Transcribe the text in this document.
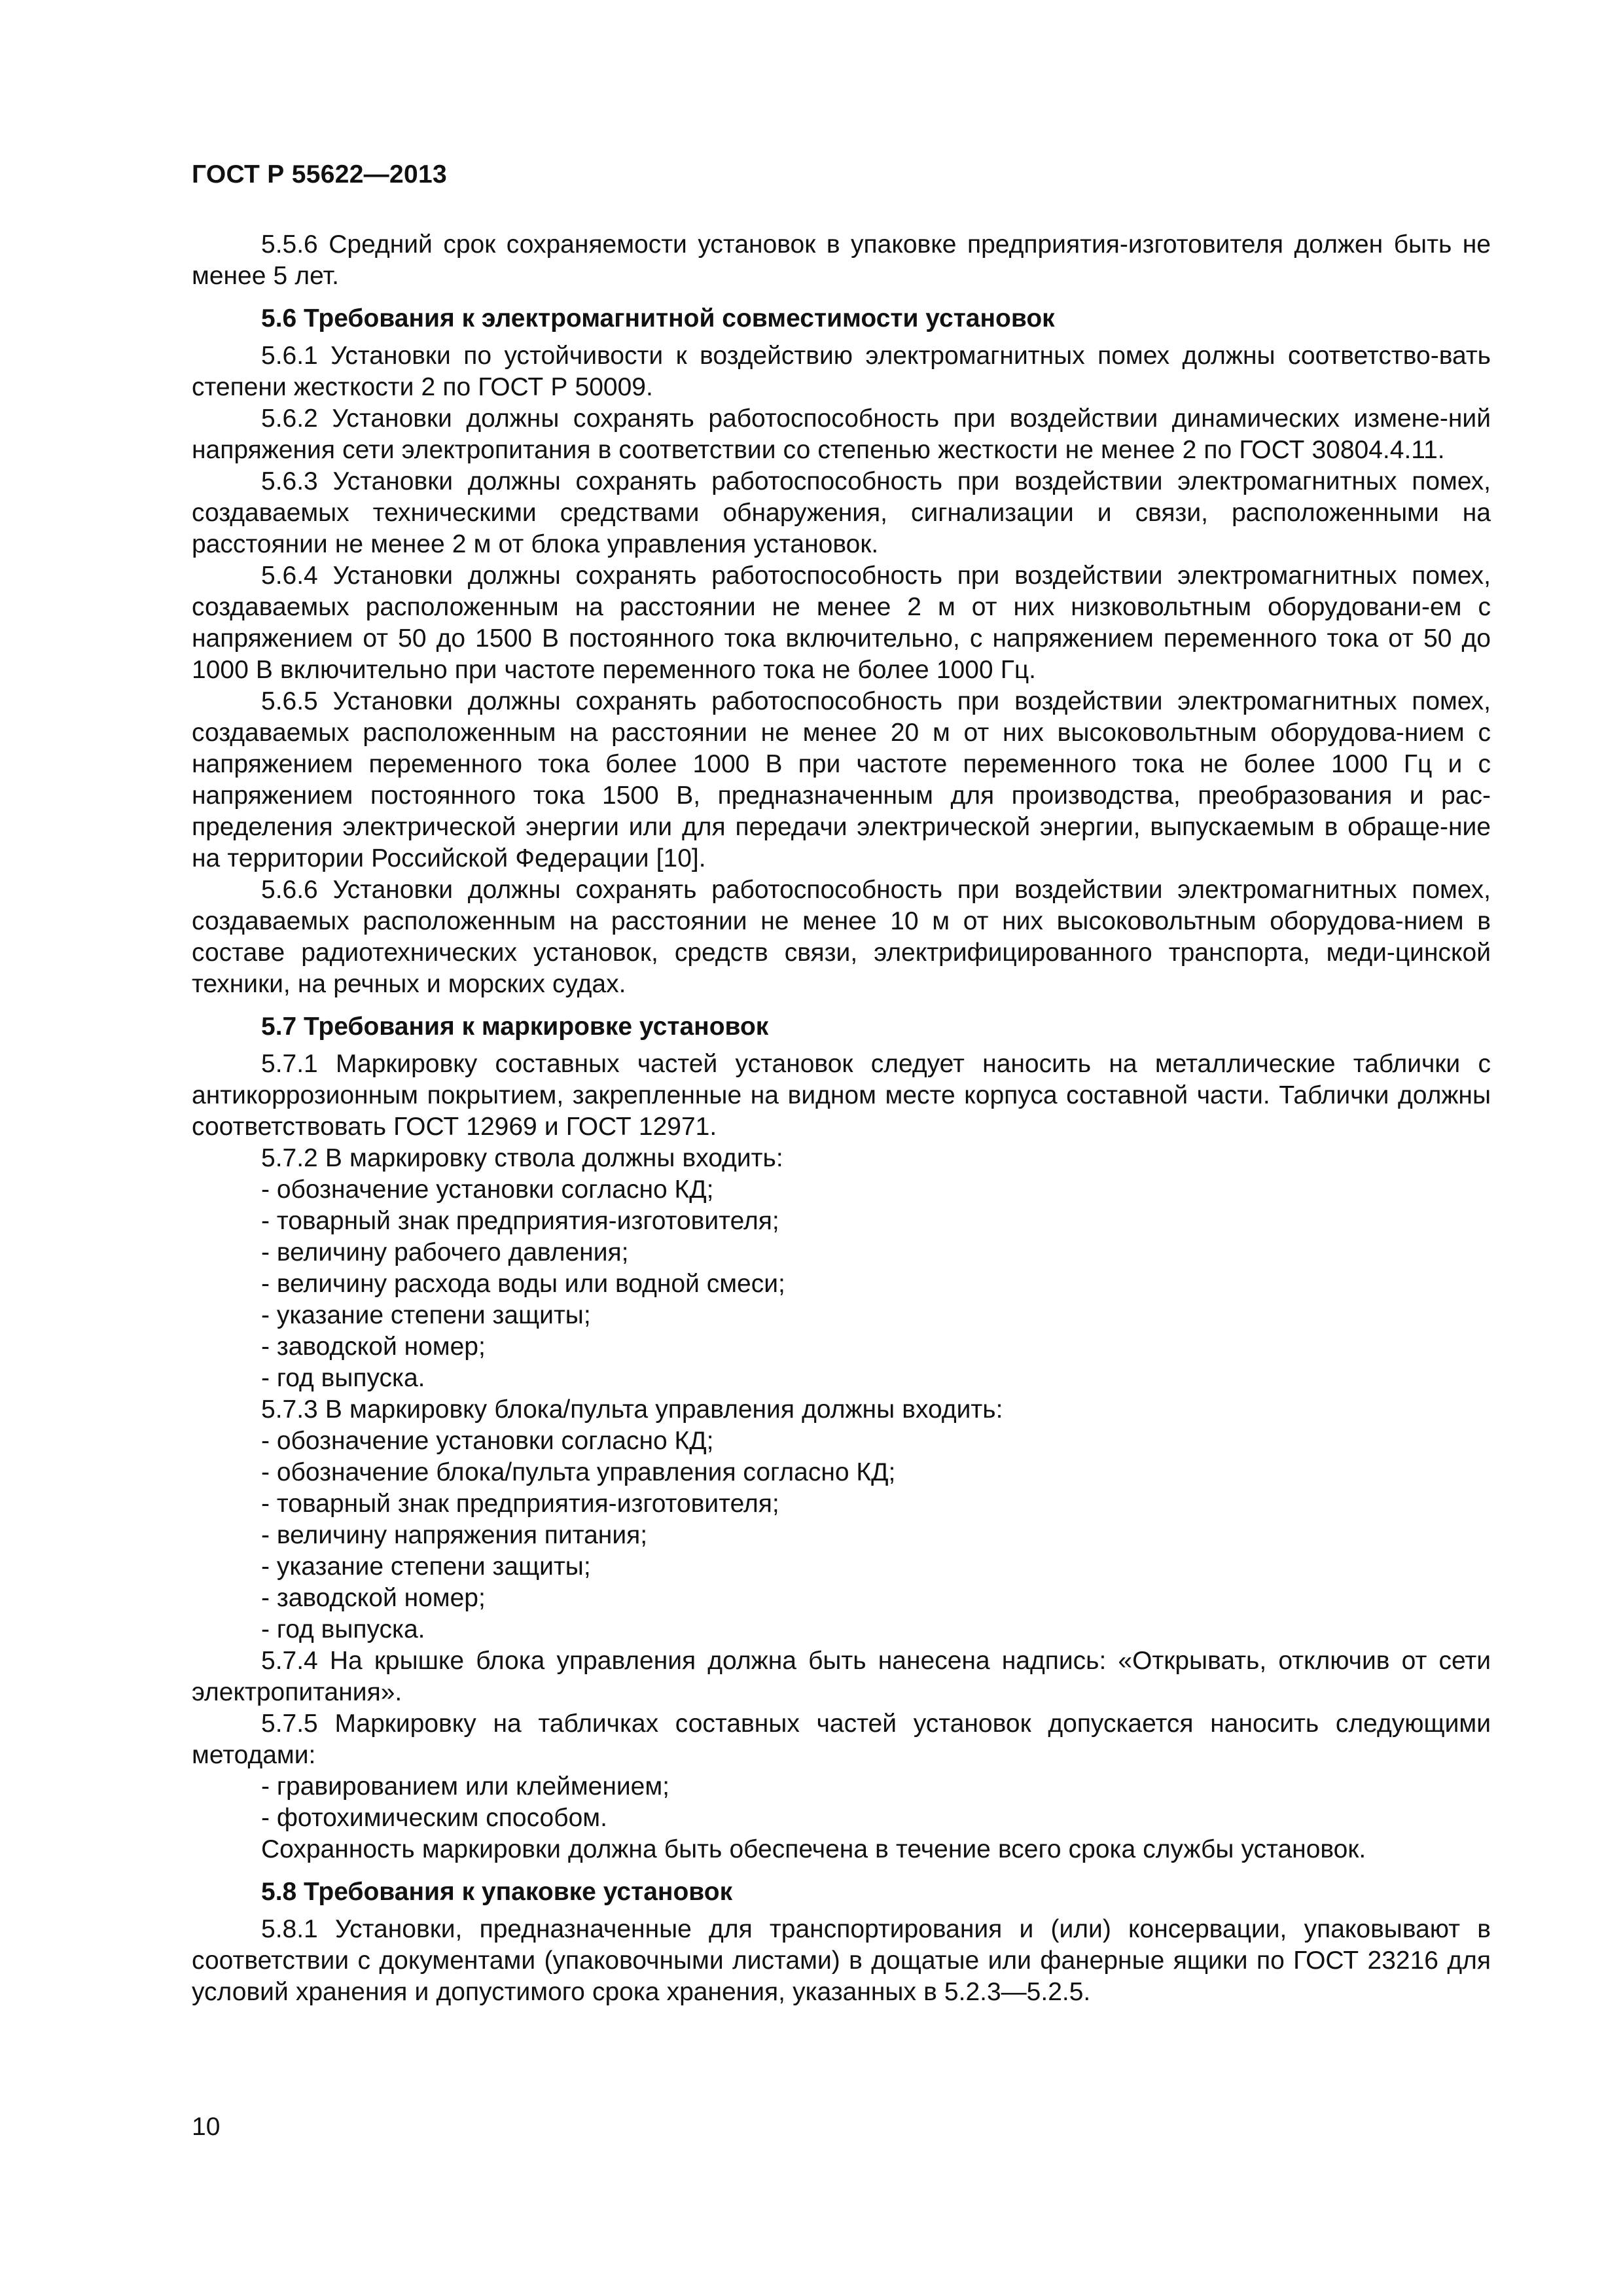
ГОСТ Р 55622—2013

5.5.6 Средний срок сохраняемости установок в упаковке предприятия-изготовителя должен быть не менее 5 лет.

5.6 Требования к электромагнитной совместимости установок

5.6.1 Установки по устойчивости к воздействию электромагнитных помех должны соответство-вать степени жесткости 2 по ГОСТ Р 50009.

5.6.2 Установки должны сохранять работоспособность при воздействии динамических измене-ний напряжения сети электропитания в соответствии со степенью жесткости не менее 2 по ГОСТ 30804.4.11.

5.6.3 Установки должны сохранять работоспособность при воздействии электромагнитных помех, создаваемых техническими средствами обнаружения, сигнализации и связи, расположенными на расстоянии не менее 2 м от блока управления установок.

5.6.4 Установки должны сохранять работоспособность при воздействии электромагнитных помех, создаваемых расположенным на расстоянии не менее 2 м от них низковольтным оборудовани-ем с напряжением от 50 до 1500 В постоянного тока включительно, с напряжением переменного тока от 50 до 1000 В включительно при частоте переменного тока не более 1000 Гц.

5.6.5 Установки должны сохранять работоспособность при воздействии электромагнитных помех, создаваемых расположенным на расстоянии не менее 20 м от них высоковольтным оборудова-нием с напряжением переменного тока более 1000 В при частоте переменного тока не более 1000 Гц и с напряжением постоянного тока 1500 В, предназначенным для производства, преобразования и рас-пределения электрической энергии или для передачи электрической энергии, выпускаемым в обраще-ние на территории Российской Федерации [10].

5.6.6 Установки должны сохранять работоспособность при воздействии электромагнитных помех, создаваемых расположенным на расстоянии не менее 10 м от них высоковольтным оборудова-нием в составе радиотехнических установок, средств связи, электрифицированного транспорта, меди-цинской техники, на речных и морских судах.

5.7 Требования к маркировке установок

5.7.1 Маркировку составных частей установок следует наносить на металлические таблички с антикоррозионным покрытием, закрепленные на видном месте корпуса составной части. Таблички должны соответствовать ГОСТ 12969 и ГОСТ 12971.

5.7.2 В маркировку ствола должны входить:

- обозначение установки согласно КД;
- товарный знак предприятия-изготовителя;
- величину рабочего давления;
- величину расхода воды или водной смеси;
- указание степени защиты;
- заводской номер;
- год выпуска.

5.7.3 В маркировку блока/пульта управления должны входить:

- обозначение установки согласно КД;
- обозначение блока/пульта управления согласно КД;
- товарный знак предприятия-изготовителя;
- величину напряжения питания;
- указание степени защиты;
- заводской номер;
- год выпуска.

5.7.4 На крышке блока управления должна быть нанесена надпись: «Открывать, отключив от сети электропитания».

5.7.5 Маркировку на табличках составных частей установок допускается наносить следующими методами:

- гравированием или клеймением;
- фотохимическим способом.

Сохранность маркировки должна быть обеспечена в течение всего срока службы установок.

5.8 Требования к упаковке установок

5.8.1 Установки, предназначенные для транспортирования и (или) консервации, упаковывают в соответствии с документами (упаковочными листами) в дощатые или фанерные ящики по ГОСТ 23216 для условий хранения и допустимого срока хранения, указанных в 5.2.3—5.2.5.

10
